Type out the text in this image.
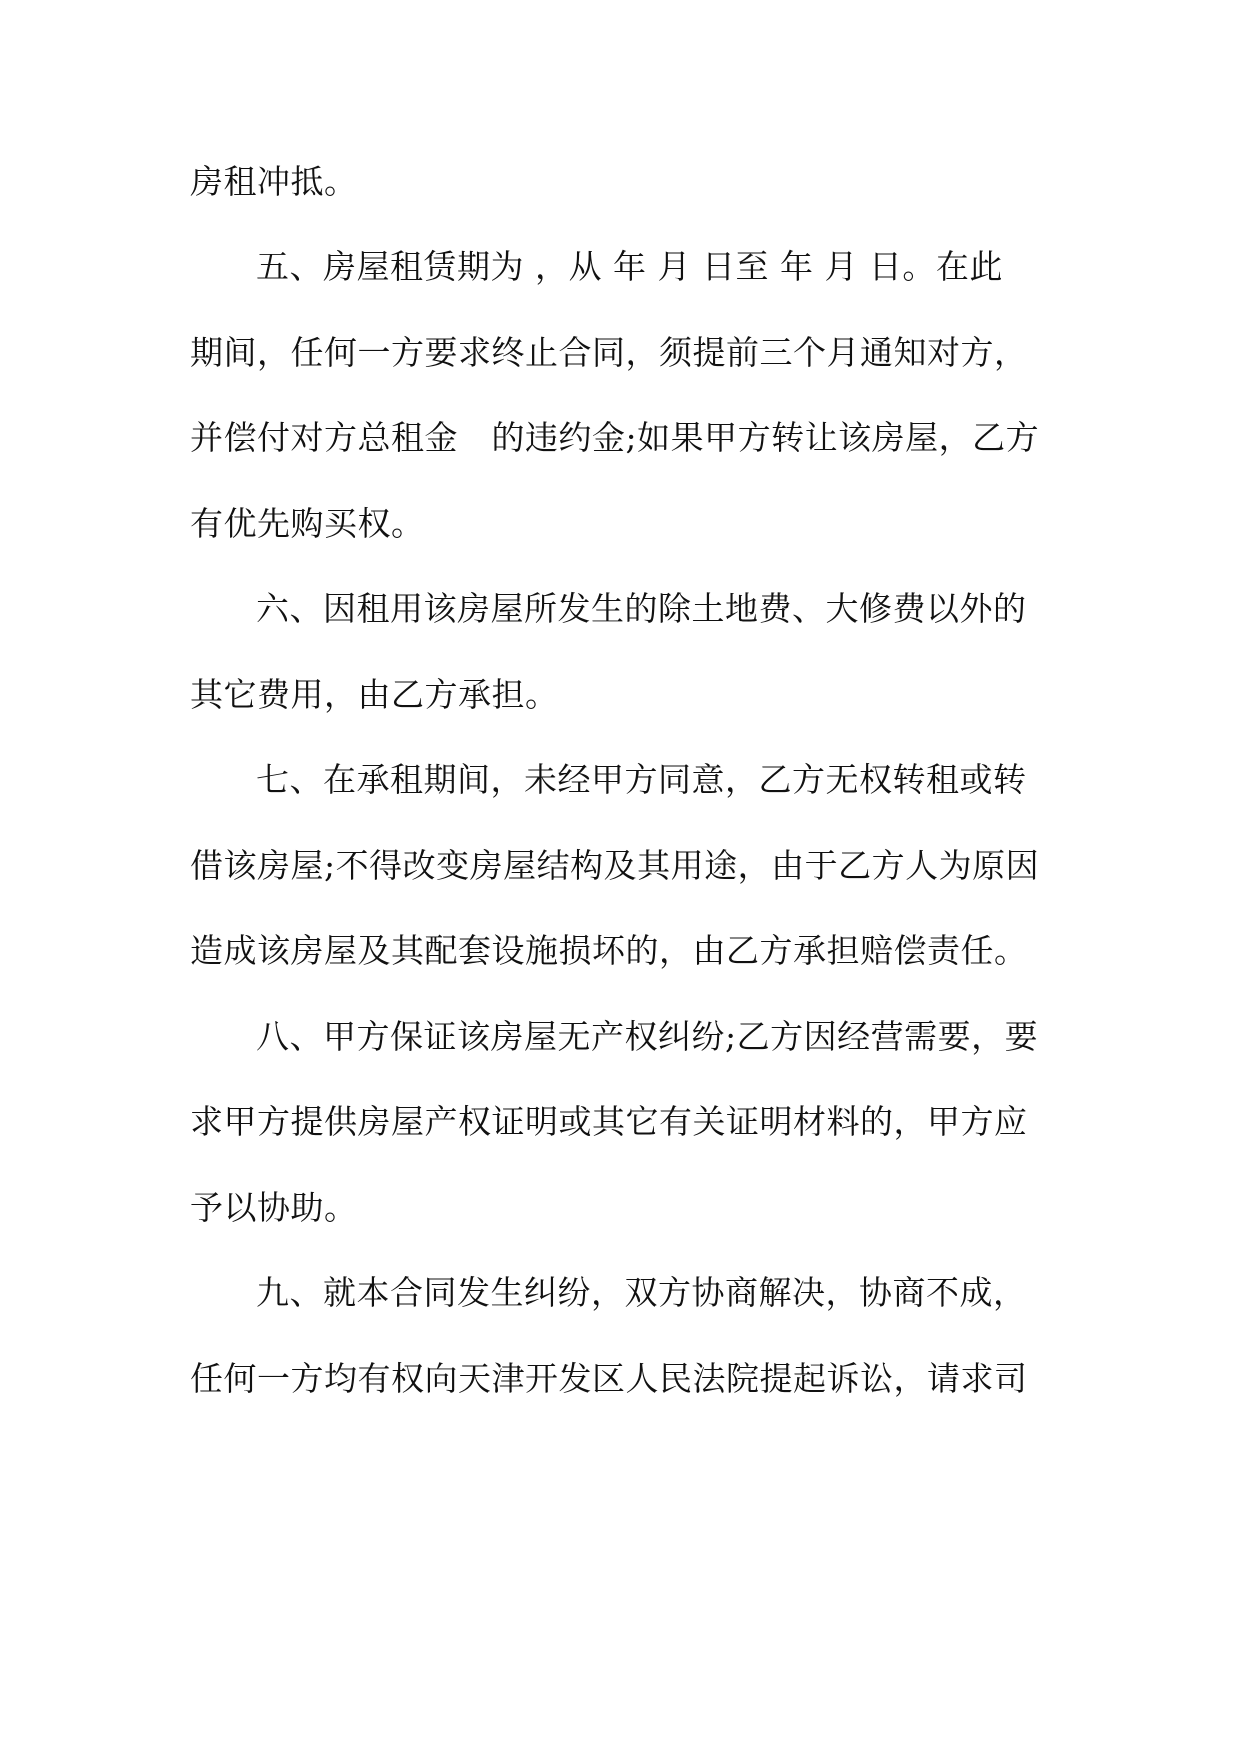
房租冲抵。
五、房屋租赁期为 ，从 年 月 日至 年 月 日。在此
期间，任何一方要求终止合同，须提前三个月通知对方，
并偿付对方总租金　的违约金;如果甲方转让该房屋，乙方
有优先购买权。
六、因租用该房屋所发生的除土地费、大修费以外的
其它费用，由乙方承担。
七、在承租期间，未经甲方同意，乙方无权转租或转
借该房屋;不得改变房屋结构及其用途，由于乙方人为原因
造成该房屋及其配套设施损坏的，由乙方承担赔偿责任。
八、甲方保证该房屋无产权纠纷;乙方因经营需要，要
求甲方提供房屋产权证明或其它有关证明材料的，甲方应
予以协助。
九、就本合同发生纠纷，双方协商解决，协商不成，
任何一方均有权向天津开发区人民法院提起诉讼，请求司
